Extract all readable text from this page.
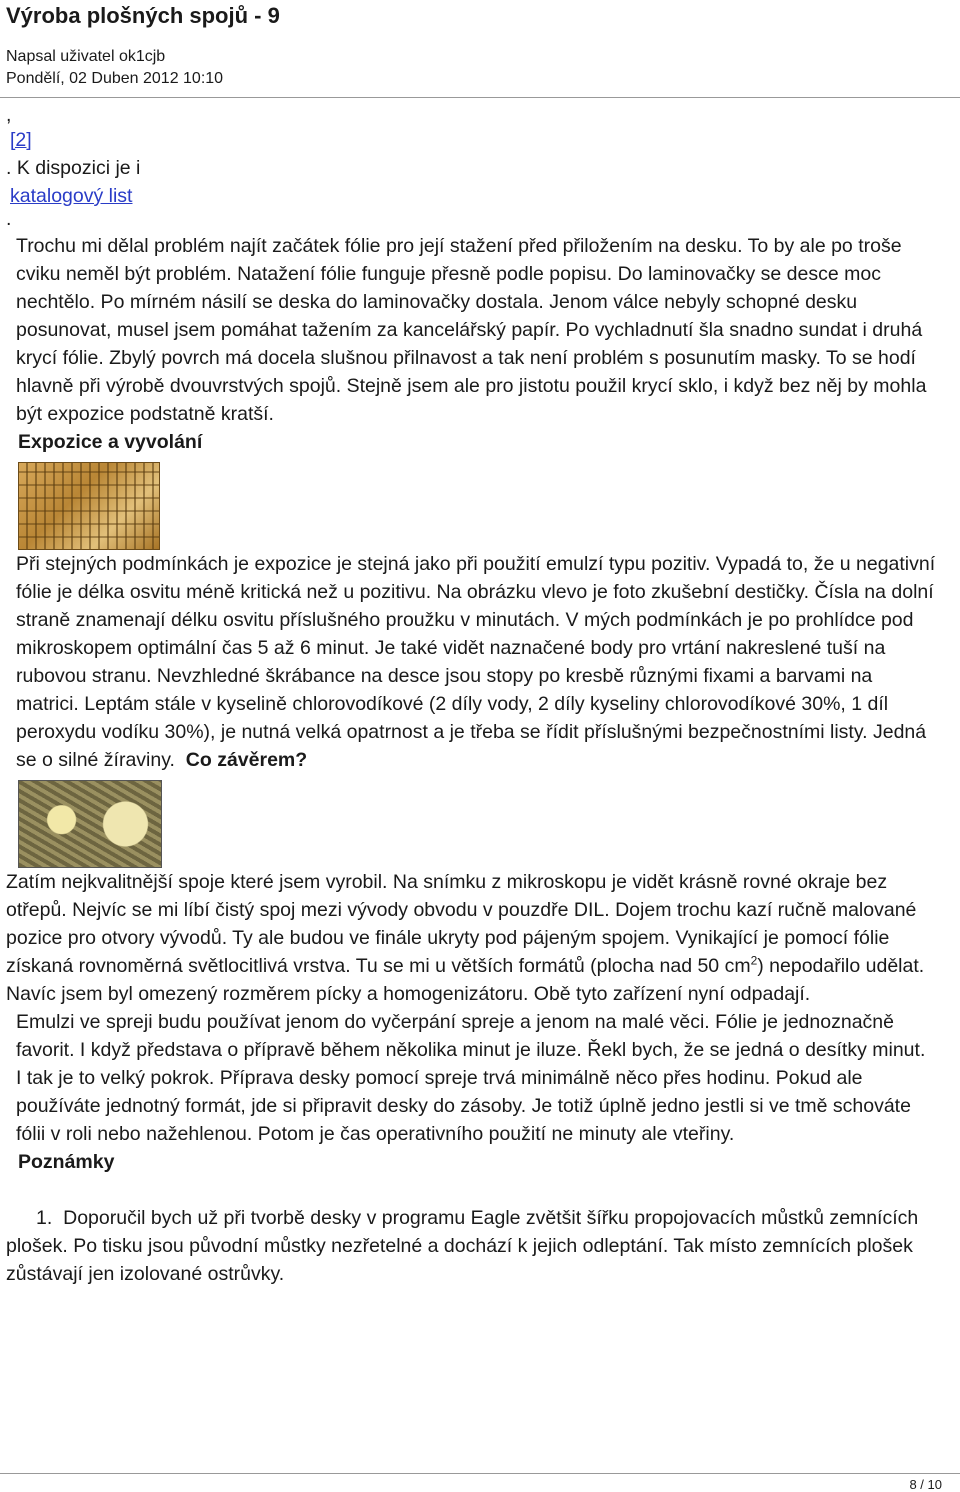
Výroba plošných spojů - 9
Napsal uživatel ok1cjb
Pondělí, 02 Duben 2012 10:10

,

[2]

. K dispozici je i

katalogový list

.

Trochu mi dělal problém najít začátek fólie pro její stažení před přiložením na desku. To by ale po troše cviku neměl být problém. Natažení fólie funguje přesně podle popisu. Do laminovačky se desce moc nechtělo. Po mírném násilí se deska do laminovačky dostala. Jenom válce nebyly schopné desku posunovat, musel jsem pomáhat tažením za kancelářský papír. Po vychladnutí šla snadno sundat i druhá krycí fólie. Zbylý povrch má docela slušnou přilnavost a tak není problém s posunutím masky. To se hodí hlavně při výrobě dvouvrstvých spojů. Stejně jsem ale pro jistotu použil krycí sklo, i když bez něj by mohla být expozice podstatně kratší.

Expozice a vyvolání

Při stejných podmínkách je expozice je stejná jako při použití emulzí typu pozitiv. Vypadá to, že u negativní fólie je délka osvitu méně kritická než u pozitivu. Na obrázku vlevo je foto zkušební destičky. Čísla na dolní straně znamenají délku osvitu příslušného proužku v minutách. V mých podmínkách je po prohlídce pod mikroskopem optimální čas 5 až 6 minut. Je také vidět naznačené body pro vrtání nakreslené tuší na rubovou stranu. Nevzhledné škrábance na desce jsou stopy po kresbě různými fixami a barvami na matrici. Leptám stále v kyselině chlorovodíkové (2 díly vody, 2 díly kyseliny chlorovodíkové 30%, 1 díl peroxydu vodíku 30%), je nutná velká opatrnost a je třeba se řídit příslušnými bezpečnostními listy. Jedná se o silné žíraviny. Co závěrem?

Zatím nejkvalitnější spoje které jsem vyrobil. Na snímku z mikroskopu je vidět krásně rovné okraje bez otřepů. Nejvíc se mi líbí čistý spoj mezi vývody obvodu v pouzdře DIL. Dojem trochu kazí ručně malované pozice pro otvory vývodů. Ty ale budou ve finále ukryty pod pájeným spojem. Vynikající je pomocí fólie získaná rovnoměrná světlocitlivá vrstva. Tu se mi u větších formátů (plocha nad 50 $cm^2$) nepodařilo udělat. Navíc jsem byl omezený rozměrem pícky a homogenizátoru. Obě tyto zařízení nyní odpadají.

Emulzi ve spreji budu používat jenom do vyčerpání spreje a jenom na malé věci. Fólie je jednoznačně favorit. I když představa o přípravě během několika minut je iluze. Řekl bych, že se jedná o desítky minut. I tak je to velký pokrok. Příprava desky pomocí spreje trvá minimálně něco přes hodinu. Pokud ale používáte jednotný formát, jde si připravit desky do zásoby. Je totiž úplně jedno jestli si ve tmě schováte fólii v roli nebo nažehlenou. Potom je čas operativního použití ne minuty ale vteřiny.

Poznámky

1. Doporučil bych už při tvorbě desky v programu Eagle zvětšit šířku propojovacích můstků zemnících plošek. Po tisku jsou původní můstky nezřetelné a dochází k jejich odleptání. Tak místo zemnících plošek zůstávají jen izolované ostrůvky.

8 / 10
